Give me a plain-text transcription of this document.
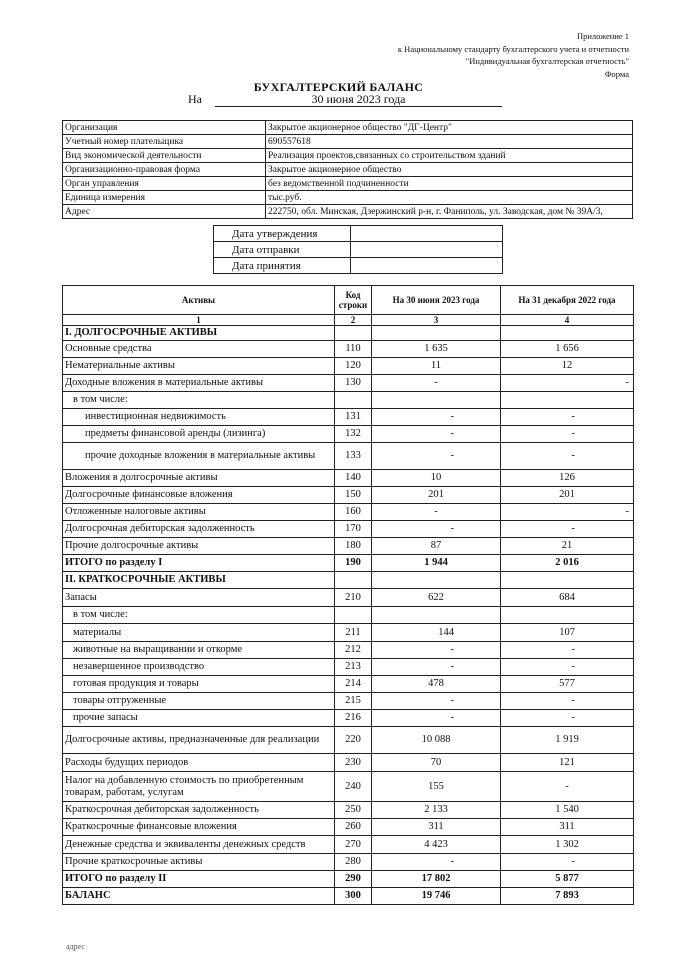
Приложение 1
к Национальному стандарту бухгалтерского учета и отчетности
"Индивидуальная бухгалтерская отчетность"
Форма
БУХГАЛТЕРСКИЙ БАЛАНС
На	30 июня 2023 года
Организация	Закрытое акционерное общество "ДГ-Центр"
Учетный номер плательщика	690557618
Вид экономической деятельности	Реализация проектов,связанных со строительством зданий
Организационно-правовая форма	Закрытое акционерное общество
Орган управления	без ведомственной подчиненности
Единица измерения	тыс.руб.
Адрес	222750, обл. Минская, Дзержинский р-н, г. Фаниполь, ул. Заводская, дом № 39А/3,
Дата утверждения	
Дата отправки	
Дата принятия	
Активы	Код строки	На 30 июня 2023 года	На 31 декабря 2022 года
1	2	3	4
I. ДОЛГОСРОЧНЫЕ АКТИВЫ			
Основные средства	110	1 635	1 656
Нематериальные активы	120	11	12
Доходные вложения в материальные активы	130	-	-
в том числе:			
инвестиционная недвижимость	131	-	-
предметы финансовой аренды (лизинга)	132	-	-
прочие доходные вложения в материальные активы	133	-	-
Вложения в долгосрочные активы	140	10	126
Долгосрочные финансовые вложения	150	201	201
Отложенные налоговые активы	160	-	-
Долгосрочная дебиторская задолженность	170	-	-
Прочие долгосрочные активы	180	87	21
ИТОГО по разделу I	190	1 944	2 016
II. КРАТКОСРОЧНЫЕ АКТИВЫ			
Запасы	210	622	684
в том числе:			
материалы	211	144	107
животные на выращивании и откорме	212	-	-
незавершенное производство	213	-	-
готовая продукция и товары	214	478	577
товары отгруженные	215	-	-
прочие запасы	216	-	-
Долгосрочные активы, предназначенные для реализации	220	10 088	1 919
Расходы будущих периодов	230	70	121
Налог на добавленную стоимость по приобретенным товарам, работам, услугам	240	155	-
Краткосрочная дебиторская задолженность	250	2 133	1 540
Краткосрочные финансовые вложения	260	311	311
Денежные средства и эквиваленты денежных средств	270	4 423	1 302
Прочие краткосрочные активы	280	-	-
ИТОГО по разделу II	290	17 802	5 877
БАЛАНС	300	19 746	7 893
адрес
